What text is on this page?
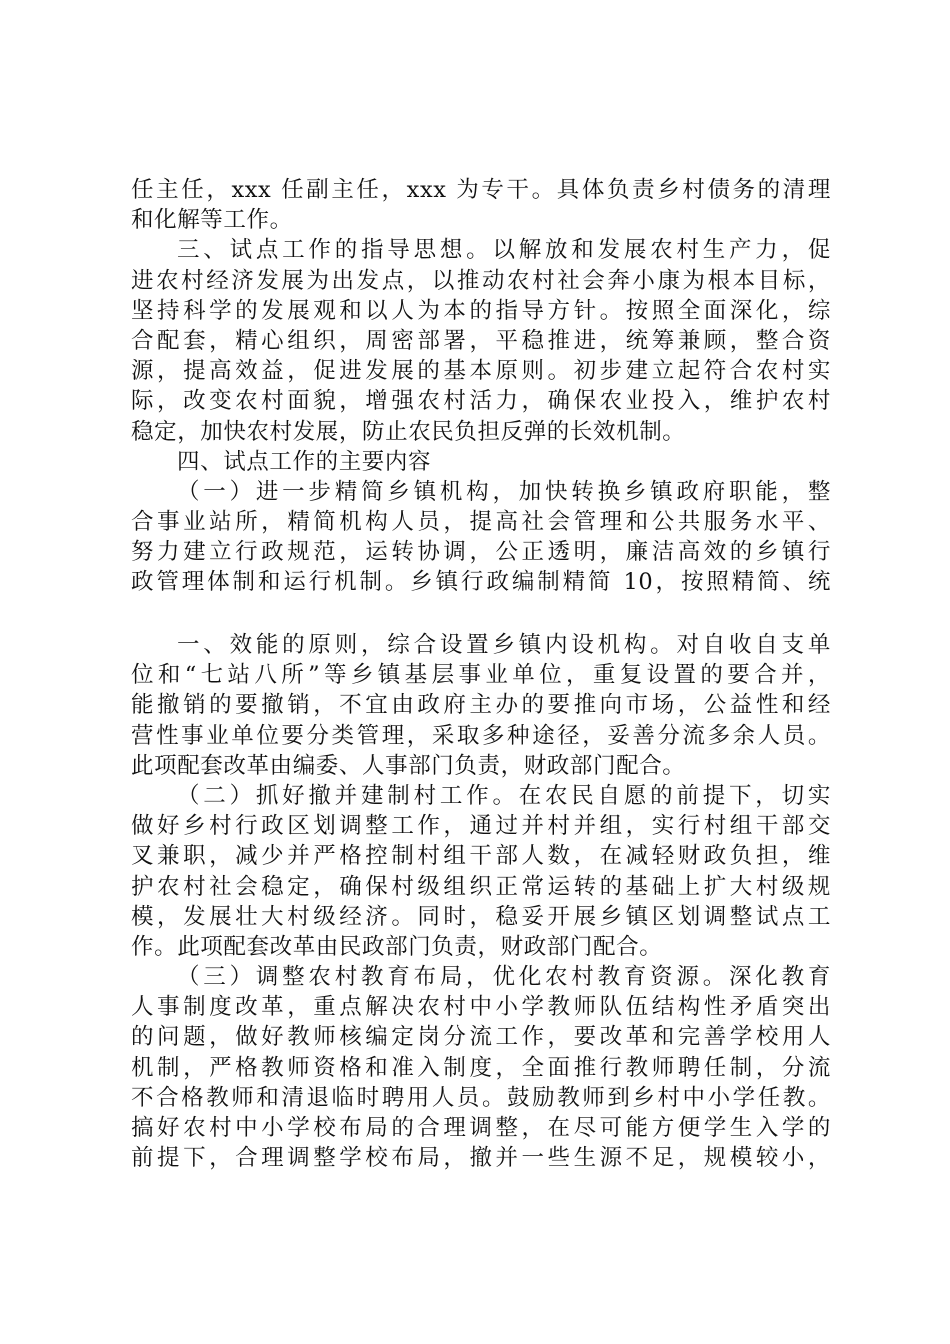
任主任，xxx 任副主任，xxx 为专干。具体负责乡村债务的清理
和化解等工作。
三、试点工作的指导思想。以解放和发展农村生产力，促
进农村经济发展为出发点，以推动农村社会奔小康为根本目标，
坚持科学的发展观和以人为本的指导方针。按照全面深化，综
合配套，精心组织，周密部署，平稳推进，统筹兼顾，整合资
源，提高效益，促进发展的基本原则。初步建立起符合农村实
际，改变农村面貌，增强农村活力，确保农业投入，维护农村
稳定，加快农村发展，防止农民负担反弹的长效机制。
四、试点工作的主要内容
（一）进一步精简乡镇机构，加快转换乡镇政府职能，整
合事业站所，精简机构人员，提高社会管理和公共服务水平、
努力建立行政规范，运转协调，公正透明，廉洁高效的乡镇行
政管理体制和运行机制。乡镇行政编制精简 10，按照精简、统
一、效能的原则，综合设置乡镇内设机构。对自收自支单
位和“七站八所”等乡镇基层事业单位，重复设置的要合并，
能撤销的要撤销，不宜由政府主办的要推向市场，公益性和经
营性事业单位要分类管理，采取多种途径，妥善分流多余人员。
此项配套改革由编委、人事部门负责，财政部门配合。
（二）抓好撤并建制村工作。在农民自愿的前提下，切实
做好乡村行政区划调整工作，通过并村并组，实行村组干部交
叉兼职，减少并严格控制村组干部人数，在减轻财政负担，维
护农村社会稳定，确保村级组织正常运转的基础上扩大村级规
模，发展壮大村级经济。同时，稳妥开展乡镇区划调整试点工
作。此项配套改革由民政部门负责，财政部门配合。
（三）调整农村教育布局，优化农村教育资源。深化教育
人事制度改革，重点解决农村中小学教师队伍结构性矛盾突出
的问题，做好教师核编定岗分流工作，要改革和完善学校用人
机制，严格教师资格和准入制度，全面推行教师聘任制，分流
不合格教师和清退临时聘用人员。鼓励教师到乡村中小学任教。
搞好农村中小学校布局的合理调整，在尽可能方便学生入学的
前提下，合理调整学校布局，撤并一些生源不足，规模较小，
